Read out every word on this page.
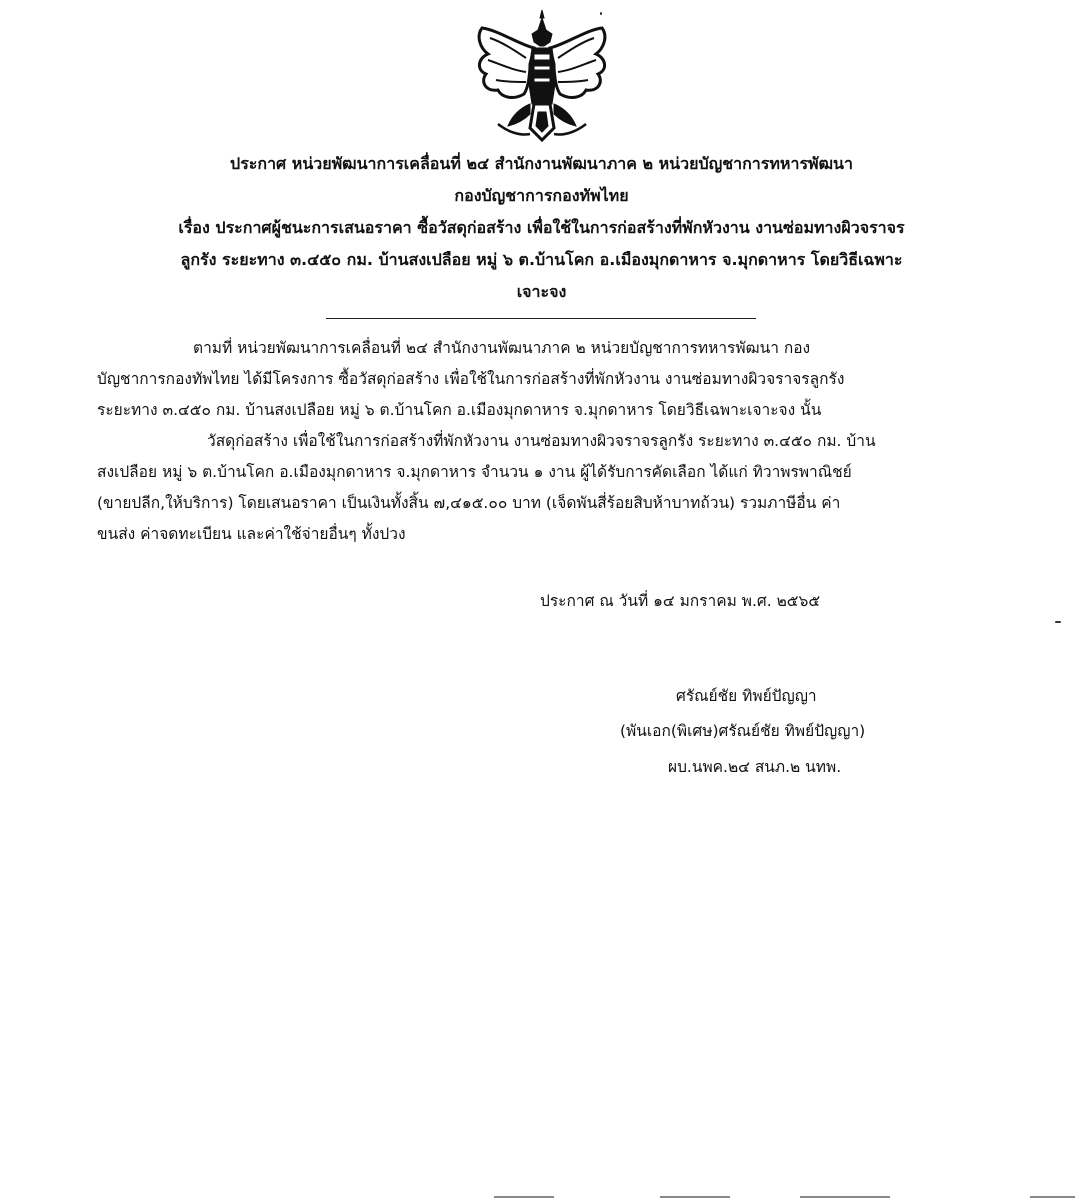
ประกาศ หน่วยพัฒนาการเคลื่อนที่ ๒๔ สำนักงานพัฒนาภาค ๒ หน่วยบัญชาการทหารพัฒนา
กองบัญชาการกองทัพไทย
เรื่อง ประกาศผู้ชนะการเสนอราคา ซื้อวัสดุก่อสร้าง เพื่อใช้ในการก่อสร้างที่พักหัวงาน งานซ่อมทางผิวจราจร
ลูกรัง ระยะทาง ๓.๔๕๐ กม. บ้านสงเปลือย หมู่ ๖ ต.บ้านโคก อ.เมืองมุกดาหาร จ.มุกดาหาร โดยวิธีเฉพาะ
เจาะจง
ตามที่ หน่วยพัฒนาการเคลื่อนที่ ๒๔ สำนักงานพัฒนาภาค ๒ หน่วยบัญชาการทหารพัฒนา กอง
บัญชาการกองทัพไทย ได้มีโครงการ ซื้อวัสดุก่อสร้าง เพื่อใช้ในการก่อสร้างที่พักหัวงาน งานซ่อมทางผิวจราจรลูกรัง
ระยะทาง ๓.๔๕๐ กม. บ้านสงเปลือย หมู่ ๖ ต.บ้านโคก อ.เมืองมุกดาหาร จ.มุกดาหาร โดยวิธีเฉพาะเจาะจง นั้น
วัสดุก่อสร้าง เพื่อใช้ในการก่อสร้างที่พักหัวงาน งานซ่อมทางผิวจราจรลูกรัง ระยะทาง ๓.๔๕๐ กม. บ้าน
สงเปลือย หมู่ ๖ ต.บ้านโคก อ.เมืองมุกดาหาร จ.มุกดาหาร จำนวน ๑ งาน ผู้ได้รับการคัดเลือก ได้แก่ ทิวาพรพาณิชย์
(ขายปลีก,ให้บริการ) โดยเสนอราคา เป็นเงินทั้งสิ้น ๗,๔๑๕.๐๐ บาท (เจ็ดพันสี่ร้อยสิบห้าบาทถ้วน) รวมภาษีอื่น ค่า
ขนส่ง ค่าจดทะเบียน และค่าใช้จ่ายอื่นๆ ทั้งปวง
ประกาศ ณ วันที่ ๑๔ มกราคม พ.ศ. ๒๕๖๕
ศรัณย์ชัย ทิพย์ปัญญา
(พันเอก(พิเศษ)ศรัณย์ชัย ทิพย์ปัญญา)
ผบ.นพค.๒๔ สนภ.๒ นทพ.
